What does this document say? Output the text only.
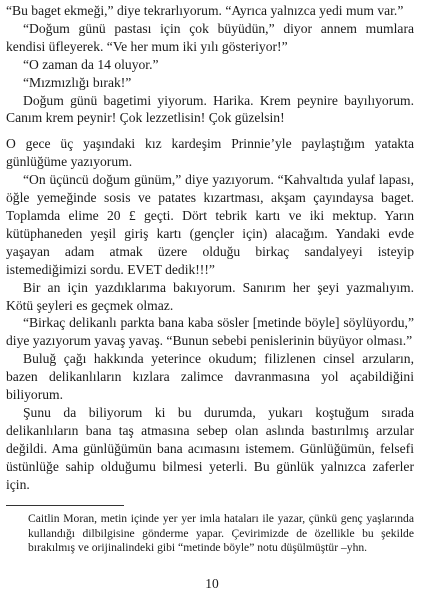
“Bu baget ekmeği,” diye tekrarlıyorum. “Ayrıca yalnızca yedi mum var.”

“Doğum günü pastası için çok büyüdün,” diyor annem mumlara kendisi üfleyerek. “Ve her mum iki yılı gösteriyor!”

“O zaman da 14 oluyor.”

“Mızmızlığı bırak!”

Doğum günü bagetimi yiyorum. Harika. Krem peynire bayılıyorum. Canım krem peynir! Çok lezzetlisin! Çok güzelsin!

O gece üç yaşındaki kız kardeşim Prinnie’yle paylaştığım yatakta günlüğüme yazıyorum.

“On üçüncü doğum günüm,” diye yazıyorum. “Kahvaltıda yulaf lapası, öğle yemeğinde sosis ve patates kızartması, akşam çayındaysa baget. Toplamda elime 20 £ geçti. Dört tebrik kartı ve iki mektup. Yarın kütüphaneden yeşil giriş kartı (gençler için) alacağım. Yandaki evde yaşayan adam atmak üzere olduğu birkaç sandalyeyi isteyip istemediğimizi sordu. EVET dedik!!!”

Bir an için yazdıklarıma bakıyorum. Sanırım her şeyi yazmalıyım. Kötü şeyleri es geçmek olmaz.

“Birkaç delikanlı parkta bana kaba sösler [metinde böyle] söylüyordu,” diye yazıyorum yavaş yavaş. “Bunun sebebi penislerinin büyüyor olması.”

Buluğ çağı hakkında yeterince okudum; filizlenen cinsel arzuların, bazen delikanlıların kızlara zalimce davranmasına yol açabildiğini biliyorum.

Şunu da biliyorum ki bu durumda, yukarı koştuğum sırada delikanlıların bana taş atmasına sebep olan aslında bastırılmış arzular değildi. Ama günlüğümün bana acımasını istemem. Günlüğümün, felsefi üstünlüğe sahip olduğumu bilmesi yeterli. Bu günlük yalnızca zaferler için.

Caitlin Moran, metin içinde yer yer imla hataları ile yazar, çünkü genç yaşlarında kullandığı dilbilgisine gönderme yapar. Çevirimizde de özellikle bu şekilde bırakılmış ve orijinalindeki gibi “metinde böyle” notu düşülmüştür –yhn.
10
